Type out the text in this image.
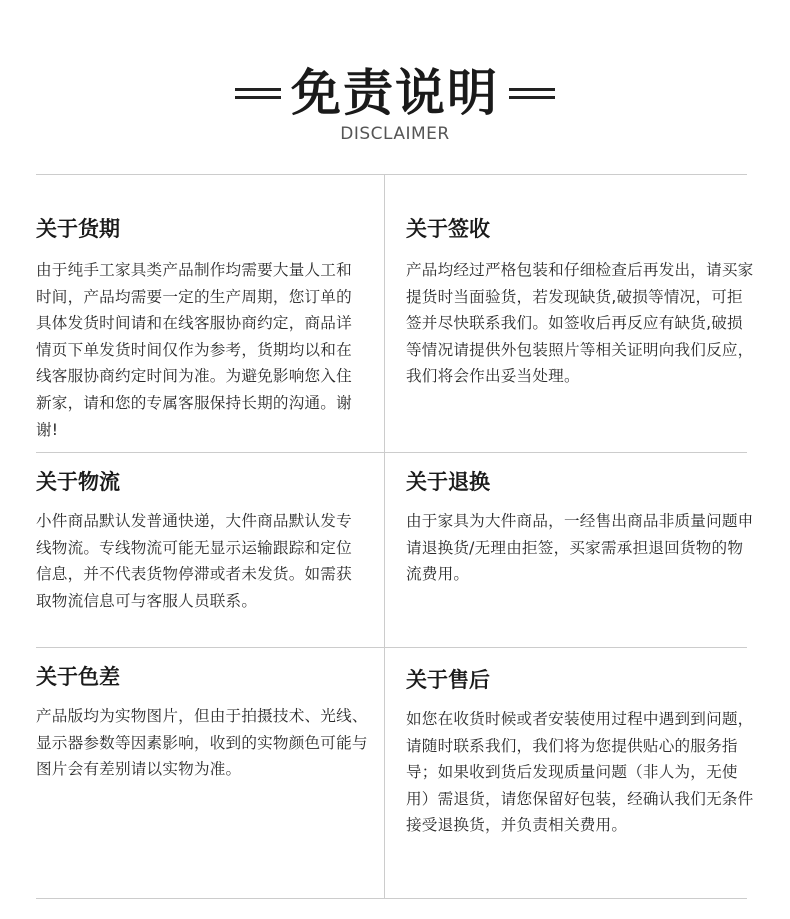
免责说明
DISCLAIMER
关于货期

由于纯手工家具类产品制作均需要大量人工和时间，产品均需要一定的生产周期，您订单的具体发货时间请和在线客服协商约定，商品详情页下单发货时间仅作为参考，货期均以和在线客服协商约定时间为准。为避免影响您入住新家，请和您的专属客服保持长期的沟通。谢谢!

关于签收

产品均经过严格包装和仔细检查后再发出，请买家提货时当面验货，若发现缺货,破损等情况，可拒签并尽快联系我们。如签收后再反应有缺货,破损等情况请提供外包装照片等相关证明向我们反应，我们将会作出妥当处理。

关于物流

小件商品默认发普通快递，大件商品默认发专线物流。专线物流可能无显示运输跟踪和定位信息，并不代表货物停滞或者未发货。如需获取物流信息可与客服人员联系。

关于退换

由于家具为大件商品，一经售出商品非质量问题申请退换货/无理由拒签，买家需承担退回货物的物流费用。

关于色差

产品版均为实物图片，但由于拍摄技术、光线、显示器参数等因素影响，收到的实物颜色可能与图片会有差别请以实物为准。

关于售后

如您在收货时候或者安装使用过程中遇到到问题，请随时联系我们，我们将为您提供贴心的服务指导；如果收到货后发现质量问题（非人为，无使用）需退货，请您保留好包装，经确认我们无条件接受退换货，并负责相关费用。
